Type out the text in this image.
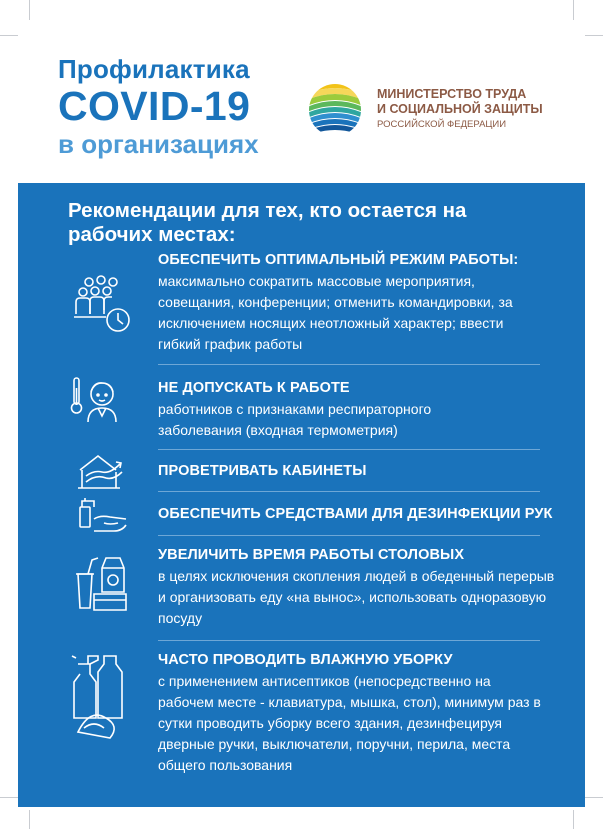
Профилактика
COVID-19
в организациях
МИНИСТЕРСТВО ТРУДА
И СОЦИАЛЬНОЙ ЗАЩИТЫ
РОССИЙСКОЙ ФЕДЕРАЦИИ
Рекомендации для тех, кто остается на рабочих местах:
ОБЕСПЕЧИТЬ ОПТИМАЛЬНЫЙ РЕЖИМ РАБОТЫ:
максимально сократить массовые мероприятия, совещания, конференции; отменить командировки, за исключением носящих неотложный характер; ввести гибкий график работы
НЕ ДОПУСКАТЬ К РАБОТЕ
работников с признаками респираторного заболевания (входная термометрия)
ПРОВЕТРИВАТЬ КАБИНЕТЫ
ОБЕСПЕЧИТЬ СРЕДСТВАМИ ДЛЯ ДЕЗИНФЕКЦИИ РУК
УВЕЛИЧИТЬ ВРЕМЯ РАБОТЫ СТОЛОВЫХ
в целях исключения скопления людей в обеденный перерыв и организовать еду «на вынос», использовать одноразовую посуду
ЧАСТО ПРОВОДИТЬ ВЛАЖНУЮ УБОРКУ
с применением антисептиков (непосредственно на рабочем месте - клавиатура, мышка, стол), минимум раз в сутки проводить уборку всего здания, дезинфецируя дверные ручки, выключатели, поручни, перила, места общего пользования
